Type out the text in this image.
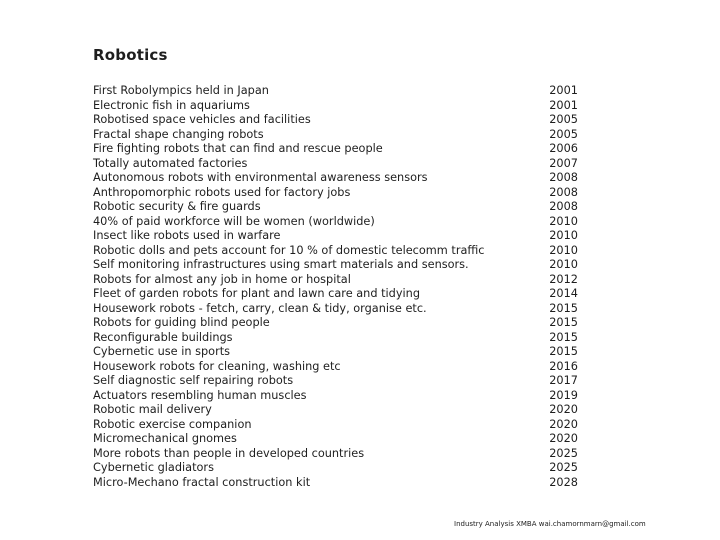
Robotics
First Robolympics held in Japan	2001
Electronic fish in aquariums	2001
Robotised space vehicles and facilities	2005
Fractal shape changing robots	2005
Fire fighting robots that can find and rescue people	2006
Totally automated factories	2007
Autonomous robots with environmental awareness sensors	2008
Anthropomorphic robots used for factory jobs	2008
Robotic security & fire guards	2008
40% of paid workforce will be women (worldwide)	2010
Insect like robots used in warfare	2010
Robotic dolls and pets account for 10 % of domestic telecomm traffic	2010
Self monitoring infrastructures using smart materials and sensors.	2010
Robots for almost any job in home or hospital	2012
Fleet of garden robots for plant and lawn care and tidying	2014
Housework robots - fetch, carry, clean & tidy, organise etc.	2015
Robots for guiding blind people	2015
Reconfigurable buildings	2015
Cybernetic use in sports	2015
Housework robots for cleaning, washing etc	2016
Self diagnostic self repairing robots	2017
Actuators resembling human muscles	2019
Robotic mail delivery	2020
Robotic exercise companion	2020
Micromechanical gnomes	2020
More robots than people in developed countries	2025
Cybernetic gladiators	2025
Micro-Mechano fractal construction kit	2028
Industry Analysis XMBA wai.chamornmarn@gmail.com
